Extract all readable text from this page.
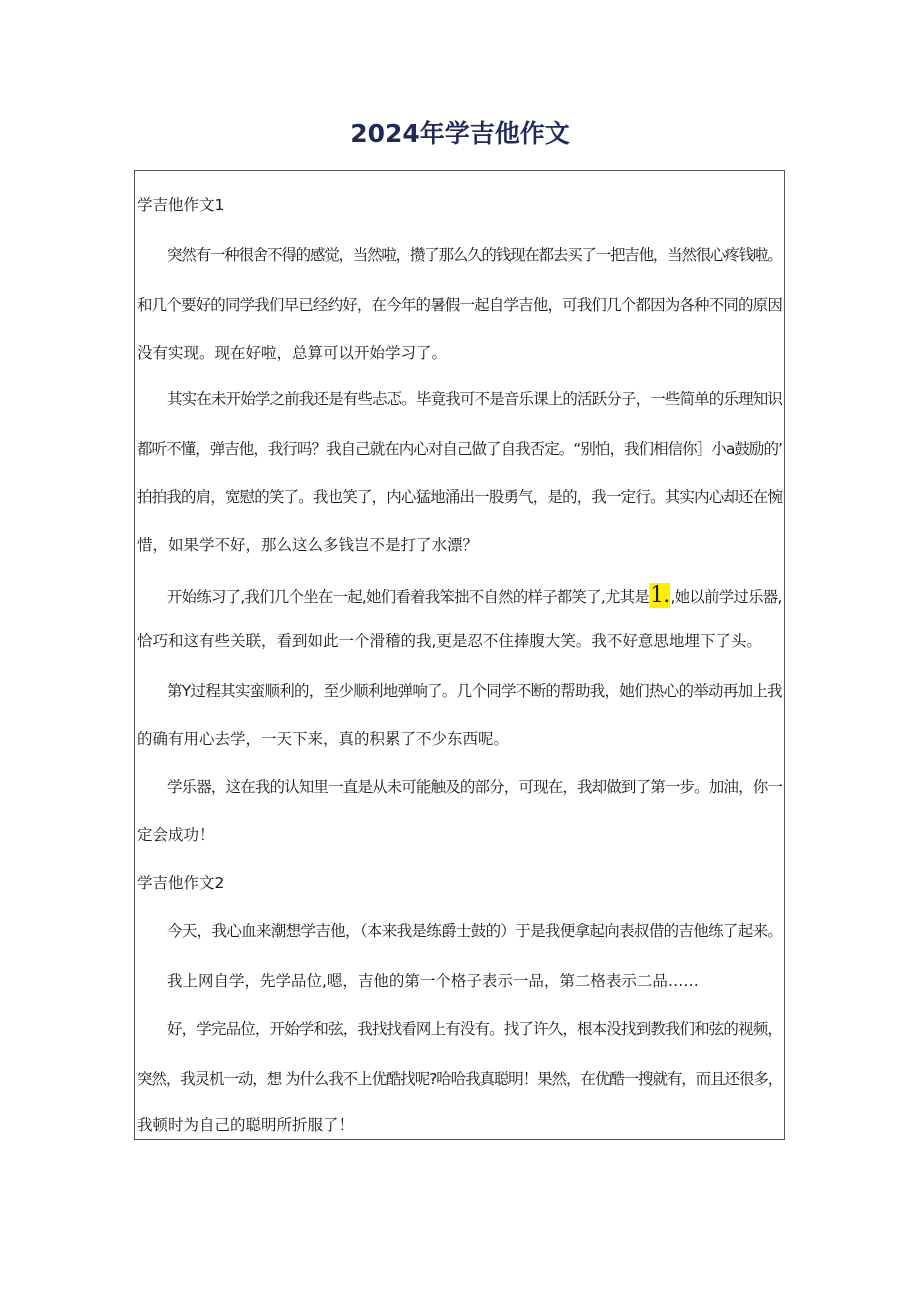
2024年学吉他作文
学吉他作文1
突然有一种很舍不得的感觉，当然啦，攒了那么久的钱现在都去买了一把吉他，当然很心疼钱啦。
和几个要好的同学我们早已经约好，在今年的暑假一起自学吉他，可我们几个都因为各种不同的原因
没有实现。现在好啦，总算可以开始学习了。
其实在未开始学之前我还是有些忐忑。毕竟我可不是音乐课上的活跃分子，一些简单的乐理知识
都听不懂，弹吉他，我行吗？我自己就在内心对自己做了自我否定。“别怕，我们相信你］小a鼓励的’
拍拍我的肩，宽慰的笑了。我也笑了，内心猛地涌出一股勇气，是的，我一定行。其实内心却还在惋
惜，如果学不好，那么这么多钱岂不是打了水漂？
开始练习了,我们几个坐在一起,她们看着我笨拙不自然的样子都笑了,尤其是1.,她以前学过乐器,
恰巧和这有些关联，看到如此一个滑稽的我,更是忍不住捧腹大笑。我不好意思地埋下了头。
第Y过程其实蛮顺利的，至少顺利地弹响了。几个同学不断的帮助我，她们热心的举动再加上我
的确有用心去学，一天下来，真的积累了不少东西呢。
学乐器，这在我的认知里一直是从未可能触及的部分，可现在，我却做到了第一步。加油，你一
定会成功！
学吉他作文2
今天，我心血来潮想学吉他，（本来我是练爵士鼓的）于是我便拿起向表叔借的吉他练了起来。
我上网自学，先学品位,嗯，吉他的第一个格子表示一品，第二格表示二品……
好，学完品位，开始学和弦，我找找看网上有没有。找了许久，根本没找到教我们和弦的视频，
突然，我灵机一动，想 为什么我不上优酷找呢?哈哈我真聪明！果然，在优酷一搜就有，而且还很多，
我顿时为自己的聪明所折服了！
